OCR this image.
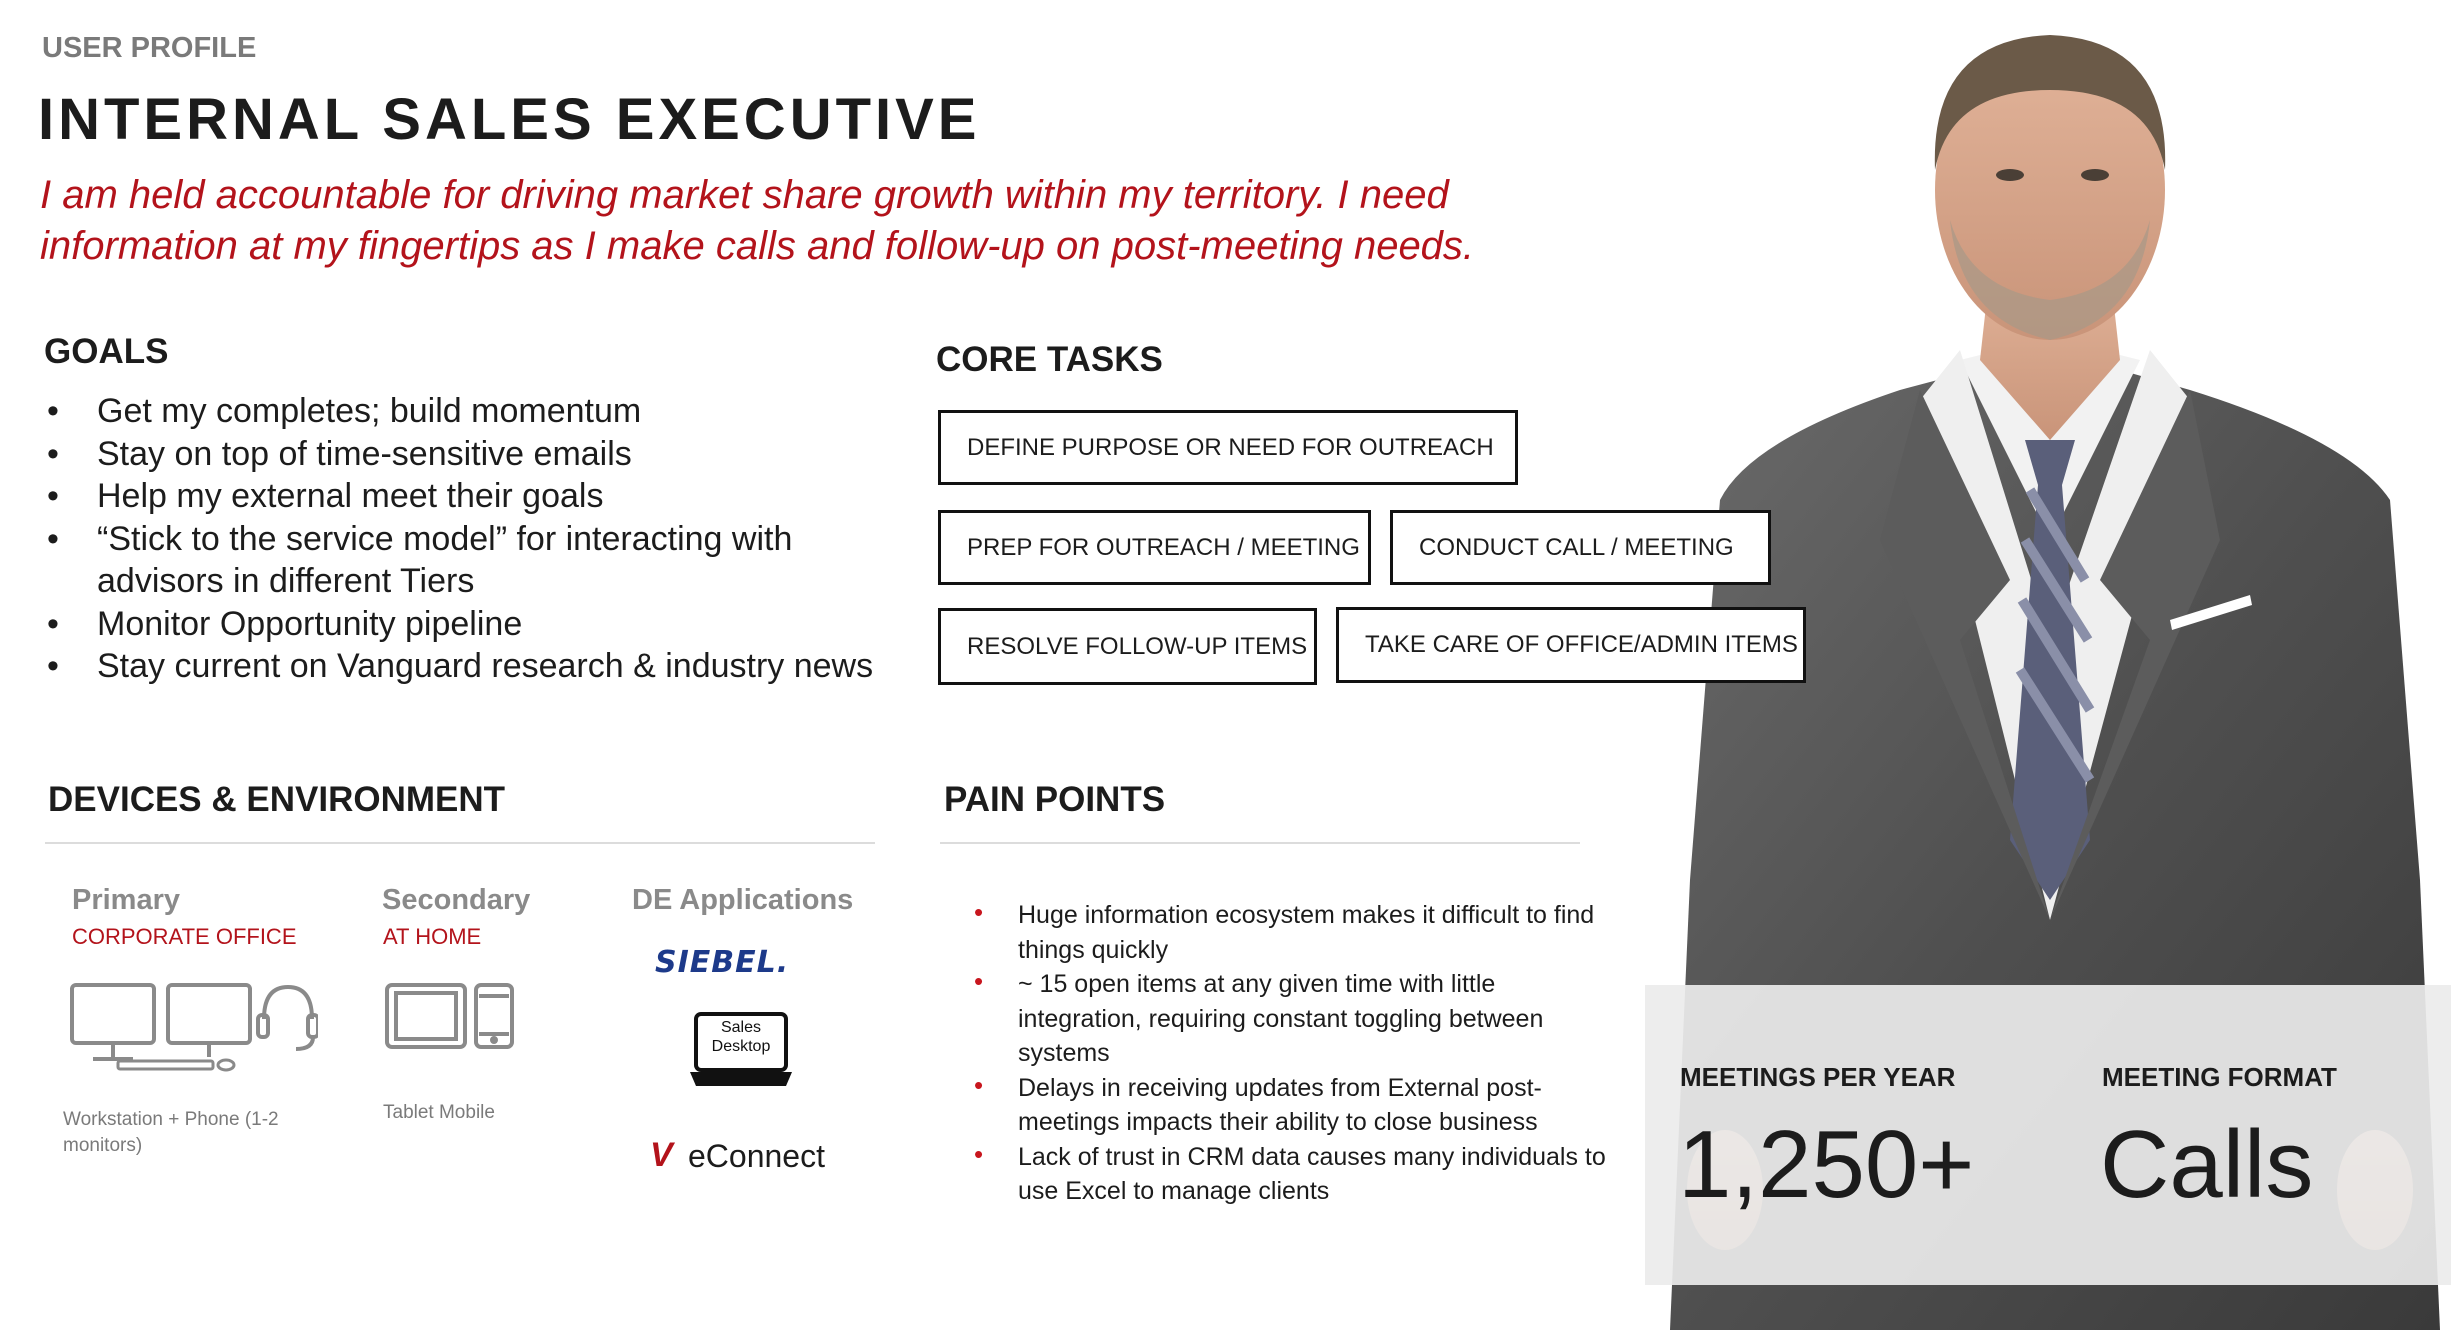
USER PROFILE
INTERNAL SALES EXECUTIVE
I am held accountable for driving market share growth within my territory. I need information at my fingertips as I make calls and follow-up on post-meeting needs.
MEETINGS PER YEAR
1,250+
MEETING FORMAT
Calls
GOALS
• Get my completes; build momentum
• Stay on top of time-sensitive emails
• Help my external meet their goals
• “Stick to the service model” for interacting with advisors in different Tiers
• Monitor Opportunity pipeline
• Stay current on Vanguard research & industry news
CORE TASKS
DEFINE PURPOSE OR NEED FOR OUTREACH
PREP FOR OUTREACH / MEETING	CONDUCT CALL / MEETING
RESOLVE FOLLOW-UP ITEMS	TAKE CARE OF OFFICE/ADMIN ITEMS
DEVICES & ENVIRONMENT
Primary
CORPORATE OFFICE
Workstation + Phone (1-2 monitors)
Secondary
AT HOME
Tablet Mobile
DE Applications
SIEBEL.
Sales Desktop
V eConnect
PAIN POINTS
• Huge information ecosystem makes it difficult to find things quickly
• ~ 15 open items at any given time with little integration, requiring constant toggling between systems
• Delays in receiving updates from External post-meetings impacts their ability to close business
• Lack of trust in CRM data causes many individuals to use Excel to manage clients
